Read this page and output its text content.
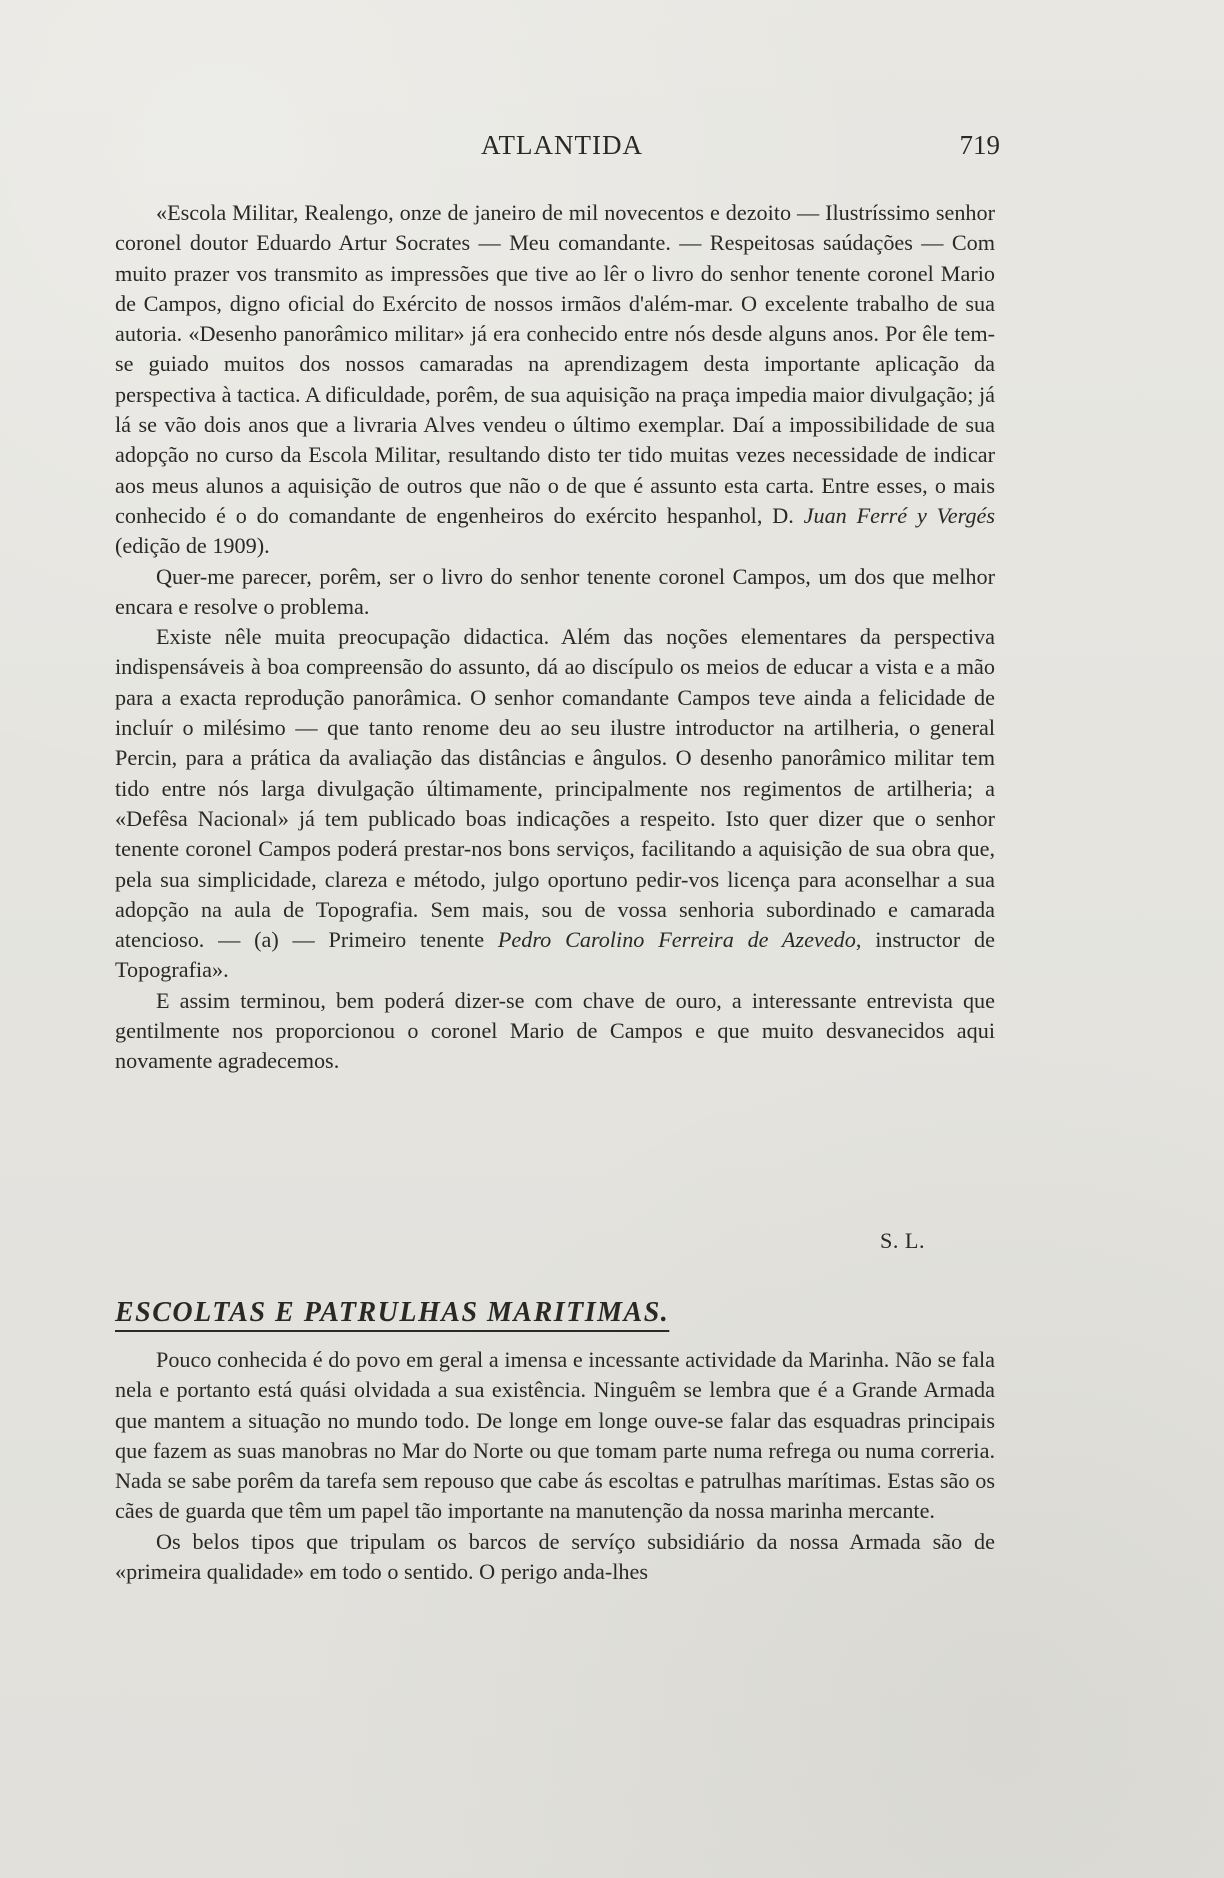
ATLANTIDA	719

«Escola Militar, Realengo, onze de janeiro de mil novecentos e dezoito — Ilustríssimo senhor coronel doutor Eduardo Artur Socrates — Meu comandante. — Respeitosas saúdações — Com muito prazer vos transmito as impressões que tive ao lêr o livro do senhor tenente coronel Mario de Campos, digno oficial do Exército de nossos irmãos d'além-mar. O excelente trabalho de sua autoria. «Desenho panorâmico militar» já era conhecido entre nós desde alguns anos. Por êle tem-se guiado muitos dos nossos camaradas na aprendizagem desta importante aplicação da perspectiva à tactica. A dificuldade, porêm, de sua aquisição na praça impedia maior divulgação; já lá se vão dois anos que a livraria Alves vendeu o último exemplar. Daí a impossibilidade de sua adopção no curso da Escola Militar, resultando disto ter tido muitas vezes necessidade de indicar aos meus alunos a aquisição de outros que não o de que é assunto esta carta. Entre esses, o mais conhecido é o do comandante de engenheiros do exército hespanhol, D. Juan Ferré y Vergés (edição de 1909).

Quer-me parecer, porêm, ser o livro do senhor tenente coronel Campos, um dos que melhor encara e resolve o problema.

Existe nêle muita preocupação didactica. Além das noções elementares da perspectiva indispensáveis à boa compreensão do assunto, dá ao discípulo os meios de educar a vista e a mão para a exacta reprodução panorâmica. O senhor comandante Campos teve ainda a felicidade de incluír o milésimo — que tanto renome deu ao seu ilustre introductor na artilheria, o general Percin, para a prática da avaliação das distâncias e ângulos. O desenho panorâmico militar tem tido entre nós larga divulgação últimamente, principalmente nos regimentos de artilheria; a «Defêsa Nacional» já tem publicado boas indicações a respeito. Isto quer dizer que o senhor tenente coronel Campos poderá prestar-nos bons serviços, facilitando a aquisição de sua obra que, pela sua simplicidade, clareza e método, julgo oportuno pedir-vos licença para aconselhar a sua adopção na aula de Topografia. Sem mais, sou de vossa senhoria subordinado e camarada atencioso. — (a) — Primeiro tenente Pedro Carolino Ferreira de Azevedo, instructor de Topografia».

E assim terminou, bem poderá dizer-se com chave de ouro, a interessante entrevista que gentilmente nos proporcionou o coronel Mario de Campos e que muito desvanecidos aqui novamente agradecemos.

S. L.
ESCOLTAS E PATRULHAS MARITIMAS.

Pouco conhecida é do povo em geral a imensa e incessante actividade da Marinha. Não se fala nela e portanto está quási olvidada a sua existência. Ninguêm se lembra que é a Grande Armada que mantem a situação no mundo todo. De longe em longe ouve-se falar das esquadras principais que fazem as suas manobras no Mar do Norte ou que tomam parte numa refrega ou numa correria. Nada se sabe porêm da tarefa sem repouso que cabe ás escoltas e patrulhas marítimas. Estas são os cães de guarda que têm um papel tão importante na manutenção da nossa marinha mercante.

Os belos tipos que tripulam os barcos de servíço subsidiário da nossa Armada são de «primeira qualidade» em todo o sentido. O perigo anda-lhes
